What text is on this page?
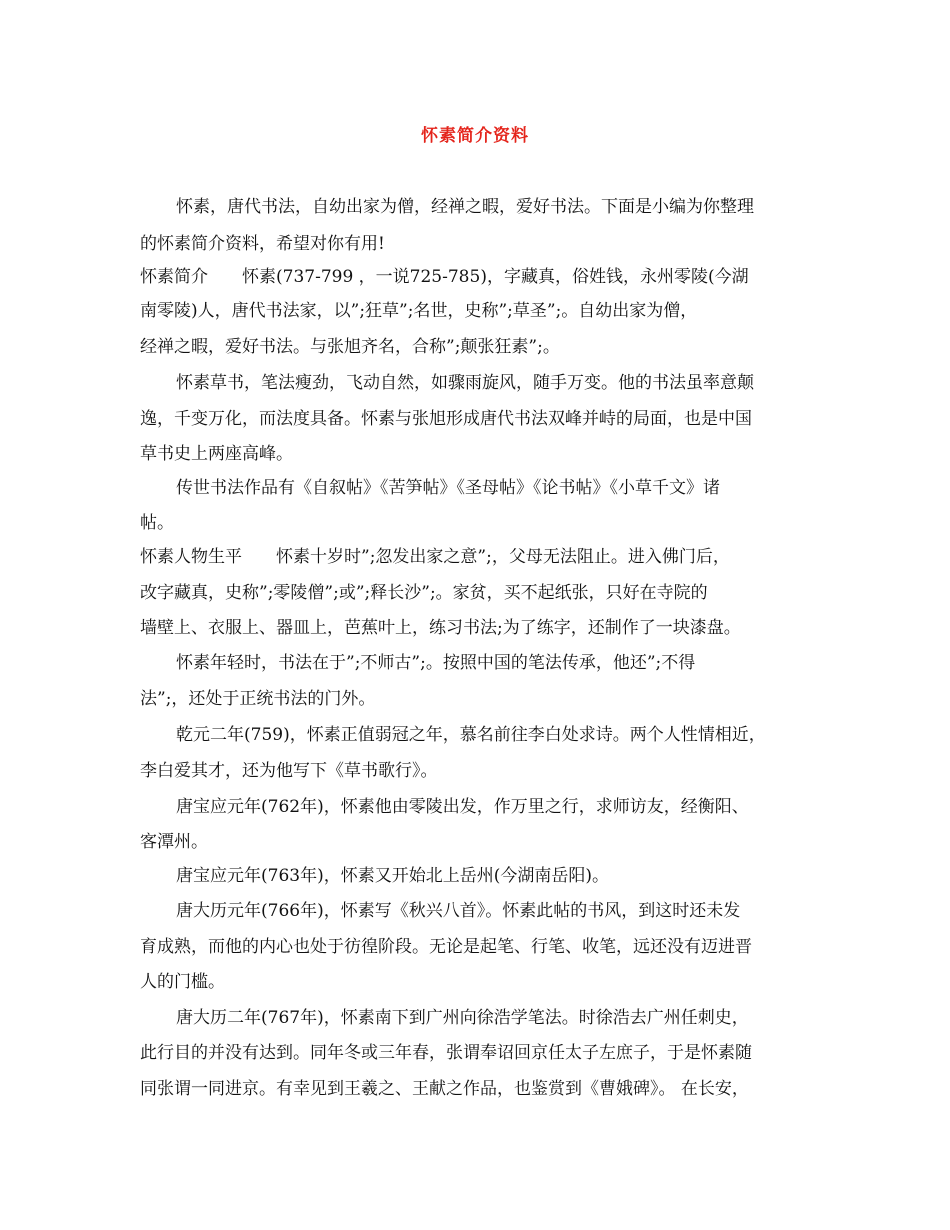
怀素简介资料
怀素，唐代书法，自幼出家为僧，经禅之暇，爱好书法。下面是小编为你整理
的怀素简介资料，希望对你有用!
怀素简介 怀素(737-799 ，一说725-785)，字藏真，俗姓钱，永州零陵(今湖
南零陵)人，唐代书法家，以”;狂草”;名世，史称”;草圣”;。自幼出家为僧，
经禅之暇，爱好书法。与张旭齐名，合称”;颠张狂素”;。
怀素草书，笔法瘦劲，飞动自然，如骤雨旋风，随手万变。他的书法虽率意颠
逸，千变万化，而法度具备。怀素与张旭形成唐代书法双峰并峙的局面，也是中国
草书史上两座高峰。
传世书法作品有《自叙帖》《苦笋帖》《圣母帖》《论书帖》《小草千文》诸
帖。
怀素人物生平 怀素十岁时”;忽发出家之意”;，父母无法阻止。进入佛门后，
改字藏真，史称”;零陵僧”;或”;释长沙”;。家贫，买不起纸张，只好在寺院的
墙壁上、衣服上、器皿上，芭蕉叶上，练习书法;为了练字，还制作了一块漆盘。
怀素年轻时，书法在于”;不师古”;。按照中国的笔法传承，他还”;不得
法”;，还处于正统书法的门外。
乾元二年(759)，怀素正值弱冠之年，慕名前往李白处求诗。两个人性情相近，
李白爱其才，还为他写下《草书歌行》。
唐宝应元年(762年)，怀素他由零陵出发，作万里之行，求师访友，经衡阳、
客潭州。
唐宝应元年(763年)，怀素又开始北上岳州(今湖南岳阳)。
唐大历元年(766年)，怀素写《秋兴八首》。怀素此帖的书风，到这时还未发
育成熟，而他的内心也处于彷徨阶段。无论是起笔、行笔、收笔，远还没有迈进晋
人的门槛。
唐大历二年(767年)，怀素南下到广州向徐浩学笔法。时徐浩去广州任刺史，
此行目的并没有达到。同年冬或三年春，张谓奉诏回京任太子左庶子，于是怀素随
同张谓一同进京。有幸见到王羲之、王献之作品，也鉴赏到《曹娥碑》。 在长安，
